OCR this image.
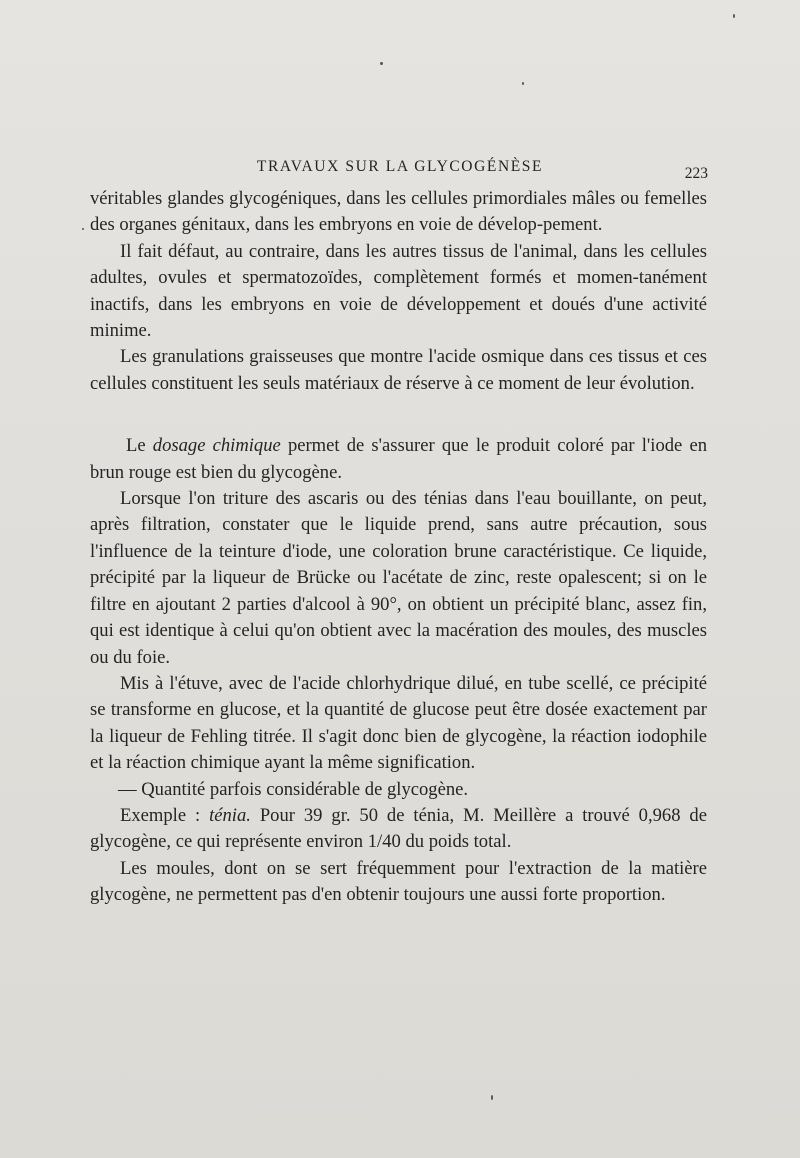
TRAVAUX SUR LA GLYCOGÉNÈSE	223

véritables glandes glycogéniques, dans les cellules primordiales mâles ou femelles des organes génitaux, dans les embryons en voie de dévelop-pement.

Il fait défaut, au contraire, dans les autres tissus de l'animal, dans les cellules adultes, ovules et spermatozoïdes, complètement formés et momen-tanément inactifs, dans les embryons en voie de développement et doués d'une activité minime.

Les granulations graisseuses que montre l'acide osmique dans ces tissus et ces cellules constituent les seuls matériaux de réserve à ce moment de leur évolution.

Le dosage chimique permet de s'assurer que le produit coloré par l'iode en brun rouge est bien du glycogène.

Lorsque l'on triture des ascaris ou des ténias dans l'eau bouillante, on peut, après filtration, constater que le liquide prend, sans autre précaution, sous l'influence de la teinture d'iode, une coloration brune caractéristique. Ce liquide, précipité par la liqueur de Brücke ou l'acétate de zinc, reste opalescent; si on le filtre en ajoutant 2 parties d'alcool à 90°, on obtient un précipité blanc, assez fin, qui est identique à celui qu'on obtient avec la macération des moules, des muscles ou du foie.

Mis à l'étuve, avec de l'acide chlorhydrique dilué, en tube scellé, ce précipité se transforme en glucose, et la quantité de glucose peut être dosée exactement par la liqueur de Fehling titrée. Il s'agit donc bien de glycogène, la réaction iodophile et la réaction chimique ayant la même signification.

— Quantité parfois considérable de glycogène.

Exemple : ténia. Pour 39 gr. 50 de ténia, M. Meillère a trouvé 0,968 de glycogène, ce qui représente environ 1/40 du poids total.

Les moules, dont on se sert fréquemment pour l'extraction de la matière glycogène, ne permettent pas d'en obtenir toujours une aussi forte proportion.
